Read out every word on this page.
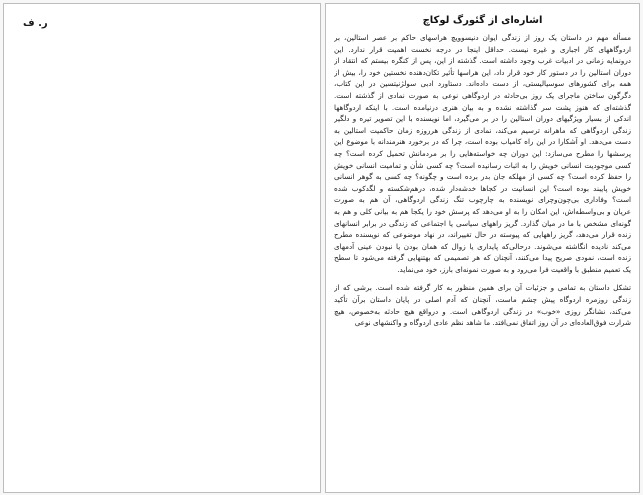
ر. ف	اشاره‌ای از گئورگ لوکاچ
مسأله مهم در داستان یک روز از زندگی ایوان دنیسوویچ هراسهای حاکم بر عصر استالین، بر
اردوگاههای کار اجباری و غیره نیست. حداقل اینجا در درجه نخست اهمیت قرار ندارد. این
درونمایه زمانی در ادبیات غرب وجود داشته است. گذشته از این، پس از کنگره بیستم که انتقاد از
دوران استالین را در دستور کار خود قرار داد، این هراسها تأثیر تکان‌دهنده نخستین خود را، بیش از
همه برای کشورهای سوسیالیستی، از دست داده‌اند. دستاورد ادبی سولژنیتسین در این کتاب،
دگرگون ساختن ماجرای یک روز بی‌حادثه در اردوگاهی نوعی به صورت نمادی از گذشته است.
گذشته‌ای که هنوز پشت سر گذاشته نشده و به بیان هنری درنیامده است. با اینکه اردوگاهها
اندکی از بسیار ویژگیهای دوران استالین را در بر می‌گیرد، اما نویسنده با این تصویر تیره و دلگیر
زندگی اردوگاهی که ماهرانه ترسیم می‌کند، نمادی از زندگی هرروزه زمان حاکمیت استالین به
دست می‌دهد. او آشکارا در این راه کامیاب بوده است، چرا که در برخورد هنرمندانه با موضوع این
پرسشها را مطرح می‌سازد: این دوران چه خواسته‌هایی را بر مردمانش تحمیل کرده است؟ چه
کسی موجودیت انسانی خویش را به اثبات رسانیده است؟ چه کسی شأن و تمامیت انسانی خویش
را حفظ کرده است؟ چه کسی از مهلکه جان بدر برده است و چگونه؟ چه کسی به گوهر انسانی
خویش پایبند بوده است؟ این انسانیت در کجاها خدشه‌دار شده، درهم‌شکسته و لگدکوب شده
است؟ وفاداری بی‌چون‌وچرای نویسنده به چارچوب تنگ زندگی اردوگاهی، آن هم به صورت
عریان و بی‌واسطه‌اش، این امکان را به او می‌دهد که پرسش خود را یکجا هم به بیانی کلی و هم به
گونه‌ای مشخص با ما در میان گذارد. گریز راههای سیاسی یا اجتماعی که زندگی در برابر انسانهای
زنده قرار می‌دهد، گریز راههایی که پیوسته در حال تغییراند، در نهاد موضوعی که نویسنده مطرح
می‌کند نادیده انگاشته می‌شوند. درحالی‌که پایداری یا زوال که همان بودن یا نبودن عینی آدمهای
زنده است، نمودی صریح پیدا می‌کنند، آنچنان که هر تصمیمی که بهتنهایی گرفته می‌شود تا سطح
یک تعمیم منطبق با واقعیت فرا می‌رود و به صورت نمونه‌ای بارز، خود می‌نماید.
تشکل داستان به تمامی و جزئیات آن برای همین منظور به کار گرفته شده است. برشی که از
زندگی روزمره اردوگاه پیش چشم ماست، آنچنان که آدم اصلی در پایان داستان برآن تأکید
می‌کند، نشانگر روزی «خوب» در زندگی اردوگاهی است. و درواقع هیچ حادثه به‌خصوص، هیچ
شرارت فوق‌العاده‌ای در آن روز اتفاق نمی‌افتد. ما شاهد نظم عادی اردوگاه و واکنشهای نوعی
